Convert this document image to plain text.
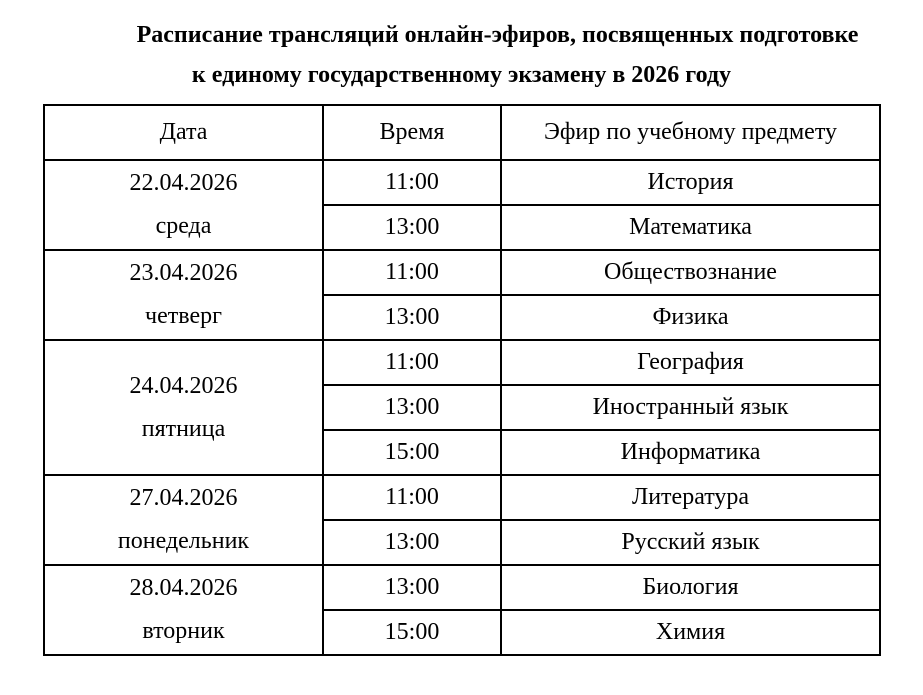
Расписание трансляций онлайн-эфиров, посвященных подготовке
к единому государственному экзамену в 2026 году
Дата	Время	Эфир по учебному предмету

22.04.2026
среда	11:00	История
	13:00	Математика

23.04.2026
четверг	11:00	Обществознание
	13:00	Физика

24.04.2026
пятница	11:00	География
	13:00	Иностранный язык
	15:00	Информатика

27.04.2026
понедельник	11:00	Литература
	13:00	Русский язык

28.04.2026
вторник	13:00	Биология
	15:00	Химия
